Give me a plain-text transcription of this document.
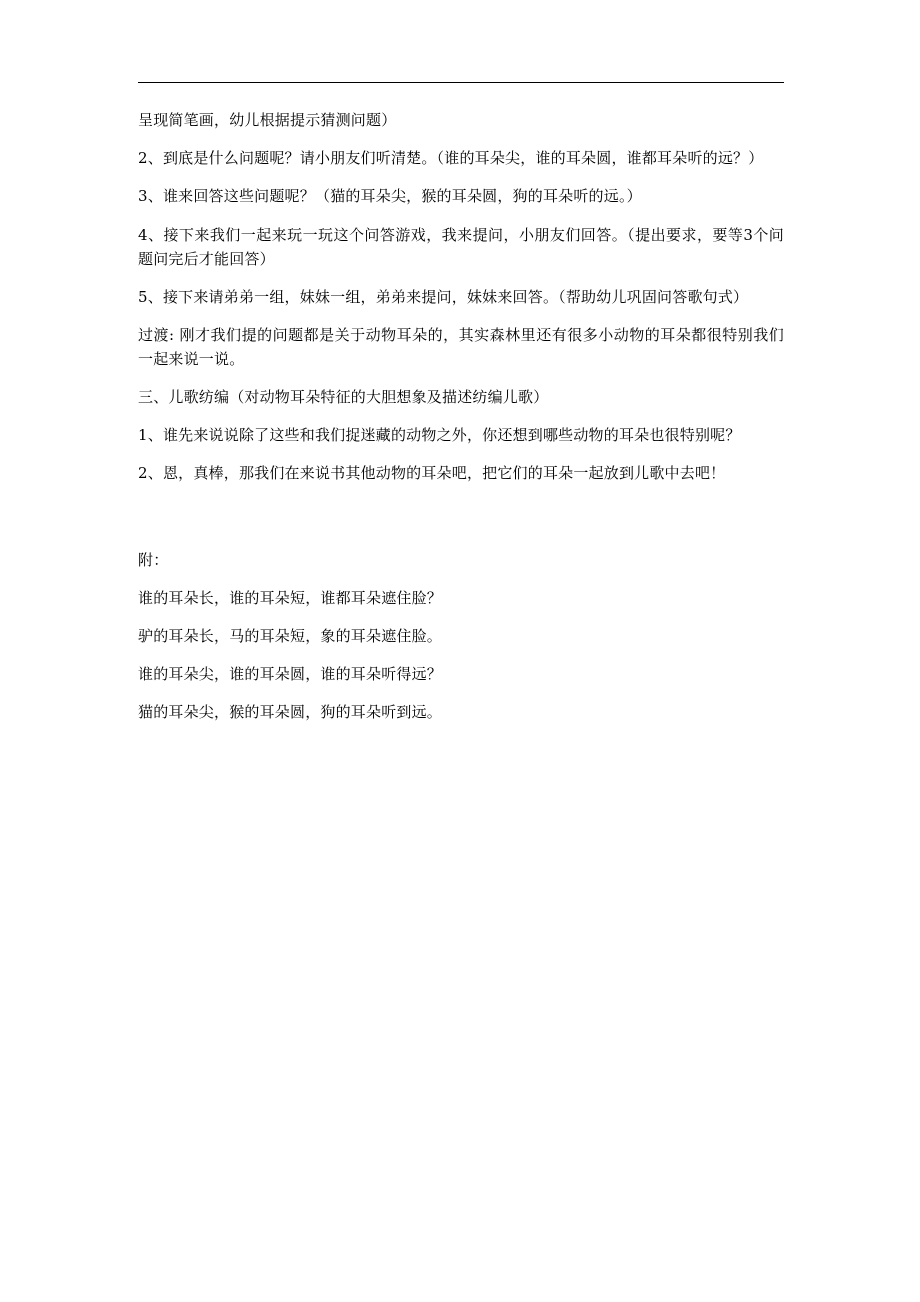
呈现简笔画，幼儿根据提示猜测问题）

2、到底是什么问题呢？请小朋友们听清楚。（谁的耳朵尖，谁的耳朵圆，谁都耳朵听的远？）

3、谁来回答这些问题呢？（猫的耳朵尖，猴的耳朵圆，狗的耳朵听的远。）

4、接下来我们一起来玩一玩这个问答游戏，我来提问，小朋友们回答。（提出要求，要等3个问题问完后才能回答）

5、接下来请弟弟一组，妹妹一组，弟弟来提问，妹妹来回答。（帮助幼儿巩固问答歌句式）

过渡: 刚才我们提的问题都是关于动物耳朵的，其实森林里还有很多小动物的耳朵都很特别我们一起来说一说。

三、儿歌纺编（对动物耳朵特征的大胆想象及描述纺编儿歌）

1、谁先来说说除了这些和我们捉迷藏的动物之外，你还想到哪些动物的耳朵也很特别呢？

2、恩，真棒，那我们在来说书其他动物的耳朵吧，把它们的耳朵一起放到儿歌中去吧！

附：

谁的耳朵长，谁的耳朵短，谁都耳朵遮住脸？

驴的耳朵长，马的耳朵短，象的耳朵遮住脸。

谁的耳朵尖，谁的耳朵圆，谁的耳朵听得远？

猫的耳朵尖，猴的耳朵圆，狗的耳朵听到远。
